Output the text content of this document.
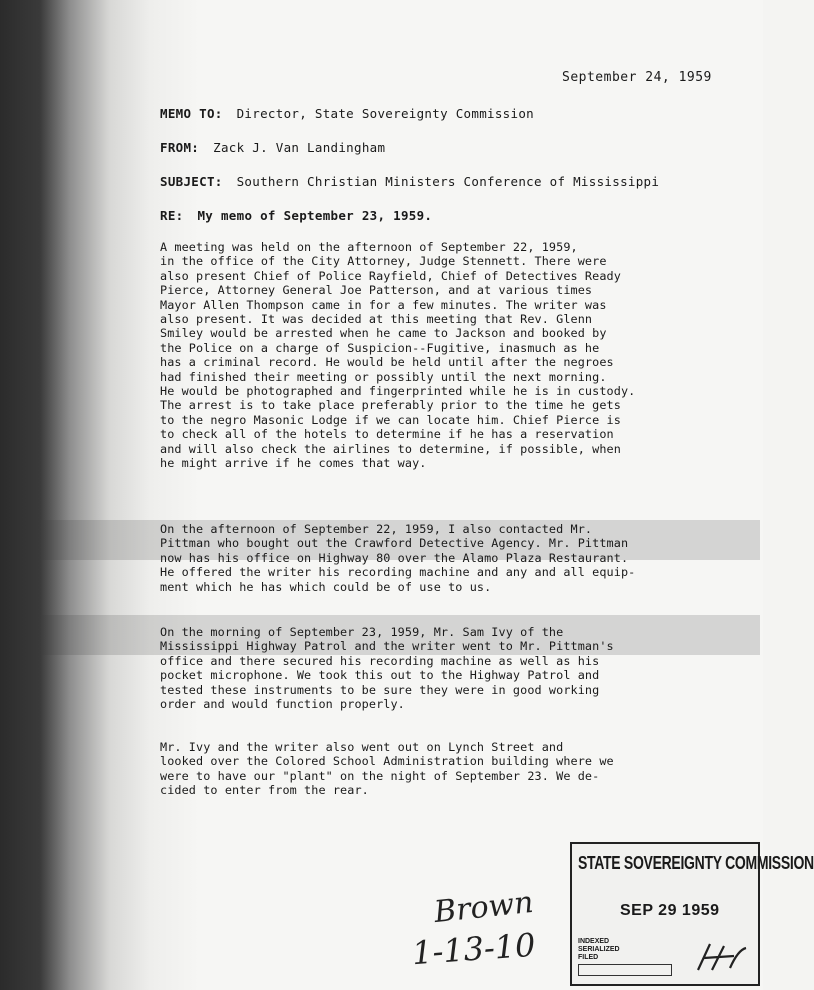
September 24, 1959
MEMO TO: Director, State Sovereignty Commission
FROM: Zack J. Van Landingham
SUBJECT: Southern Christian Ministers Conference of Mississippi
RE: My memo of September 23, 1959.
A meeting was held on the afternoon of September 22, 1959,
in the office of the City Attorney, Judge Stennett. There were
also present Chief of Police Rayfield, Chief of Detectives Ready
Pierce, Attorney General Joe Patterson, and at various times
Mayor Allen Thompson came in for a few minutes. The writer was
also present. It was decided at this meeting that Rev. Glenn
Smiley would be arrested when he came to Jackson and booked by
the Police on a charge of Suspicion--Fugitive, inasmuch as he
has a criminal record. He would be held until after the negroes
had finished their meeting or possibly until the next morning.
He would be photographed and fingerprinted while he is in custody.
The arrest is to take place preferably prior to the time he gets
to the negro Masonic Lodge if we can locate him. Chief Pierce is
to check all of the hotels to determine if he has a reservation
and will also check the airlines to determine, if possible, when
he might arrive if he comes that way.
On the afternoon of September 22, 1959, I also contacted Mr.
Pittman who bought out the Crawford Detective Agency. Mr. Pittman
now has his office on Highway 80 over the Alamo Plaza Restaurant.
He offered the writer his recording machine and any and all equip-
ment which he has which could be of use to us.
On the morning of September 23, 1959, Mr. Sam Ivy of the
Mississippi Highway Patrol and the writer went to Mr. Pittman's
office and there secured his recording machine as well as his
pocket microphone. We took this out to the Highway Patrol and
tested these instruments to be sure they were in good working
order and would function properly.
Mr. Ivy and the writer also went out on Lynch Street and
looked over the Colored School Administration building where we
were to have our "plant" on the night of September 23. We de-
cided to enter from the rear.
STATE SOVEREIGNTY COMMISSION
SEP 29 1959
INDEXED
SERIALIZED
FILED
Brown
1-13-10
